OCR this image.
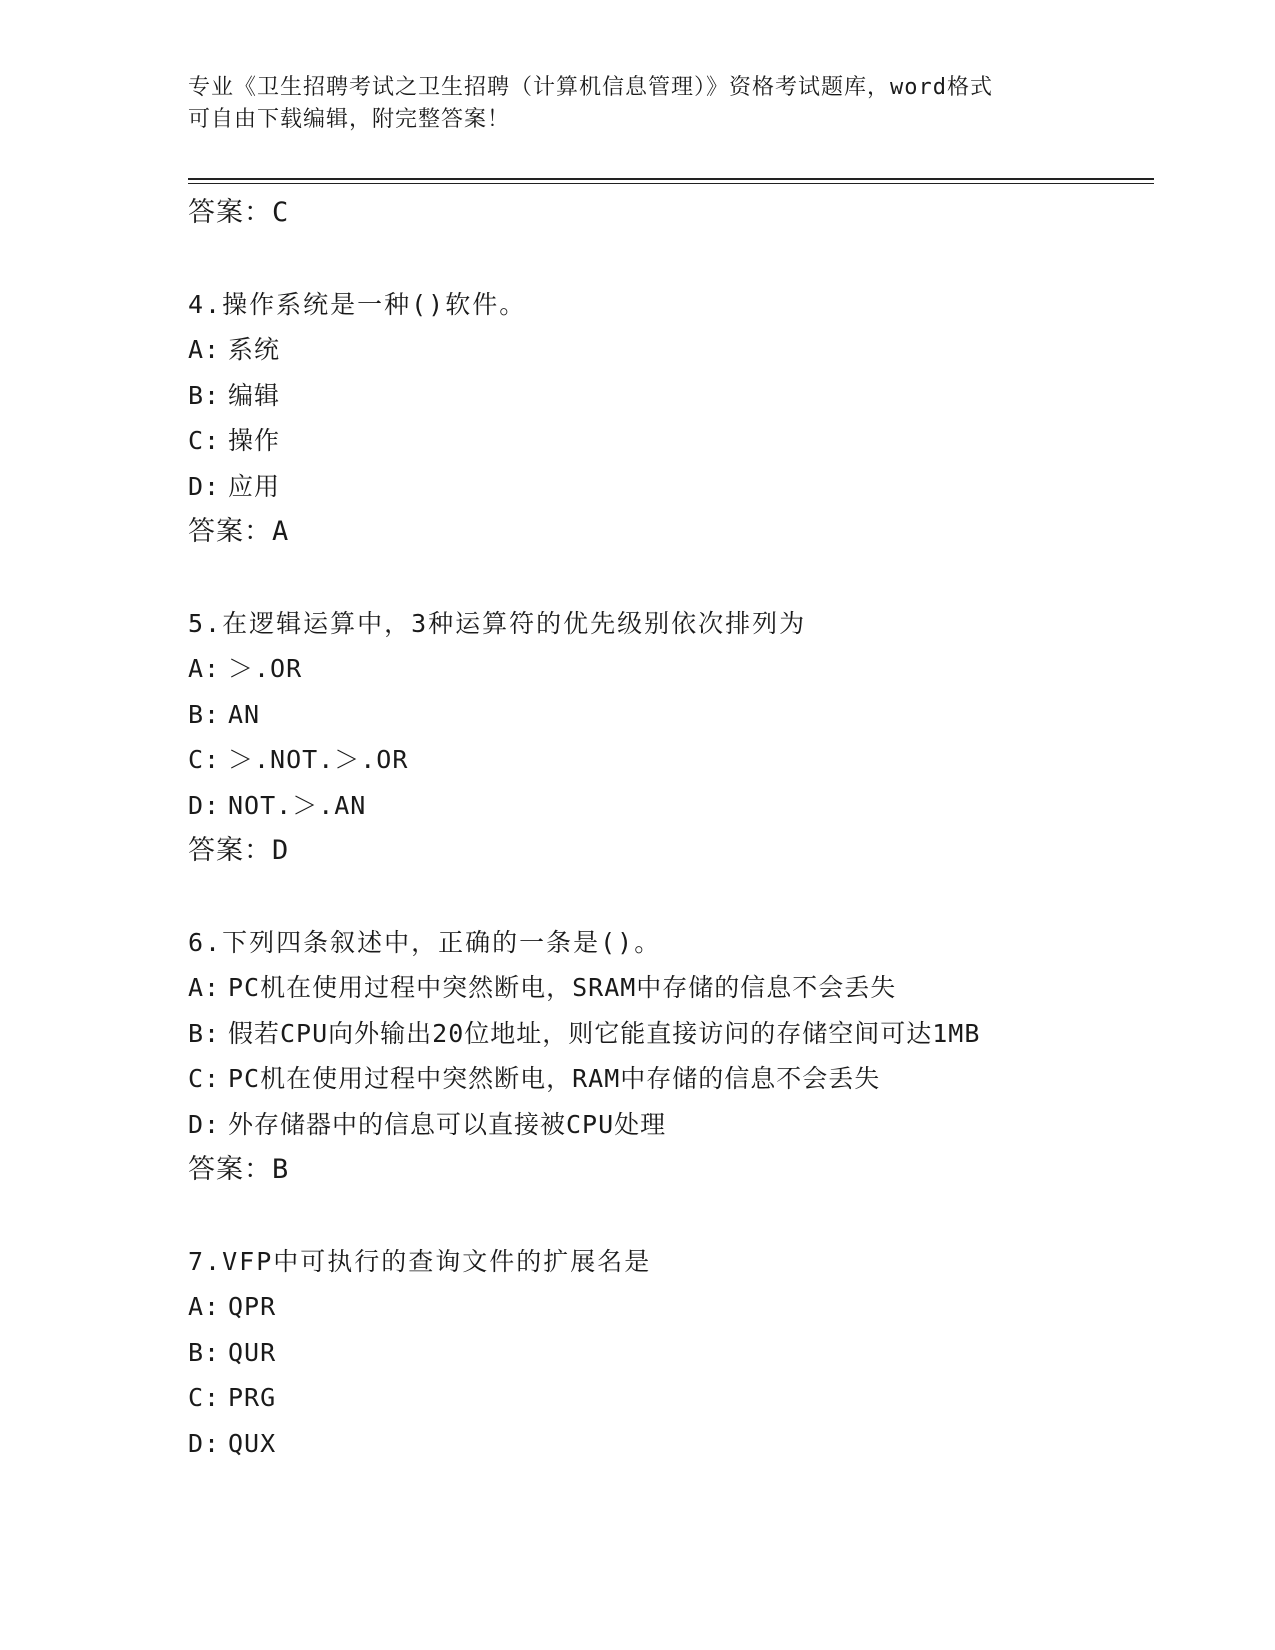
专业《卫生招聘考试之卫生招聘（计算机信息管理）》资格考试题库，word格式
可自由下载编辑，附完整答案！
答案：C
4.操作系统是一种()软件。
A: 系统
B: 编辑
C: 操作
D: 应用
答案：A
5.在逻辑运算中，3种运算符的优先级别依次排列为
A: ＞.OR
B: AN
C: ＞.NOT.＞.OR
D: NOT.＞.AN
答案：D
6.下列四条叙述中，正确的一条是()。
A: PC机在使用过程中突然断电，SRAM中存储的信息不会丢失
B: 假若CPU向外输出20位地址，则它能直接访问的存储空间可达1MB
C: PC机在使用过程中突然断电，RAM中存储的信息不会丢失
D: 外存储器中的信息可以直接被CPU处理
答案：B
7.VFP中可执行的查询文件的扩展名是
A: QPR
B: QUR
C: PRG
D: QUX
